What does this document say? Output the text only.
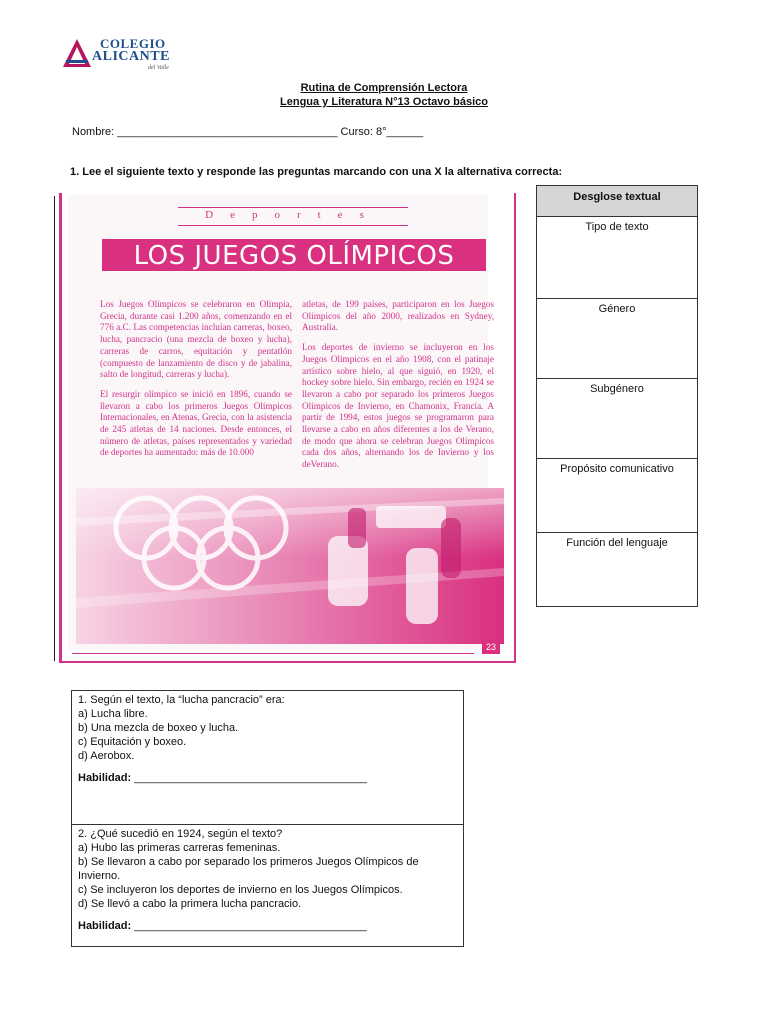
COLEGIO
ALICANTE
del Valle
Rutina de Comprensión Lectora
Lengua y Literatura N°13 Octavo básico
Nombre: ____________________________________ Curso: 8°______
1. Lee el siguiente texto y responde las preguntas marcando con una X la alternativa correcta:
Deportes
LOS JUEGOS OLÍMPICOS

Los Juegos Olímpicos se celebraron en Olimpia, Grecia, durante casi 1.200 años, comenzando en el 776 a.C. Las competencias incluían carreras, boxeo, lucha, pancracio (una mezcla de boxeo y lucha), carreras de carros, equitación y pentatlón (compuesto de lanzamiento de disco y de jabalina, salto de longitud, carreras y lucha).

El resurgir olímpico se inició en 1896, cuando se llevaron a cabo los primeros Juegos Olímpicos Internacionales, en Atenas, Grecia, con la asistencia de 245 atletas de 14 naciones. Desde entonces, el número de atletas, países representados y variedad de deportes ha aumentado: más de 10.000

atletas, de 199 países, participaron en los Juegos Olímpicos del año 2000, realizados en Sydney, Australia.

Los deportes de invierno se incluyeron en los Juegos Olímpicos en el año 1908, con el patinaje artístico sobre hielo, al que siguió, en 1920, el hockey sobre hielo. Sin embargo, recién en 1924 se llevaron a cabo por separado los primeros Juegos Olímpicos de Invierno, en Chamonix, Francia. A partir de 1994, estos juegos se programaron para llevarse a cabo en años diferentes a los de Verano, de modo que ahora se celebran Juegos Olímpicos cada dos años, alternando los de Invierno y los deVerano.

23
Desglose textual
Tipo de texto
Género
Subgénero
Propósito comunicativo
Función del lenguaje
1. Según el texto, la “lucha pancracio” era:
a) Lucha libre.
b) Una mezcla de boxeo y lucha.
c) Equitación y boxeo.
d) Aerobox.
Habilidad: ______________________________________
2. ¿Qué sucedió en 1924, según el texto?
a) Hubo las primeras carreras femeninas.
b) Se llevaron a cabo por separado los primeros Juegos Olímpicos de Invierno.
c) Se incluyeron los deportes de invierno en los Juegos Olímpicos.
d) Se llevó a cabo la primera lucha pancracio.
Habilidad: ______________________________________
